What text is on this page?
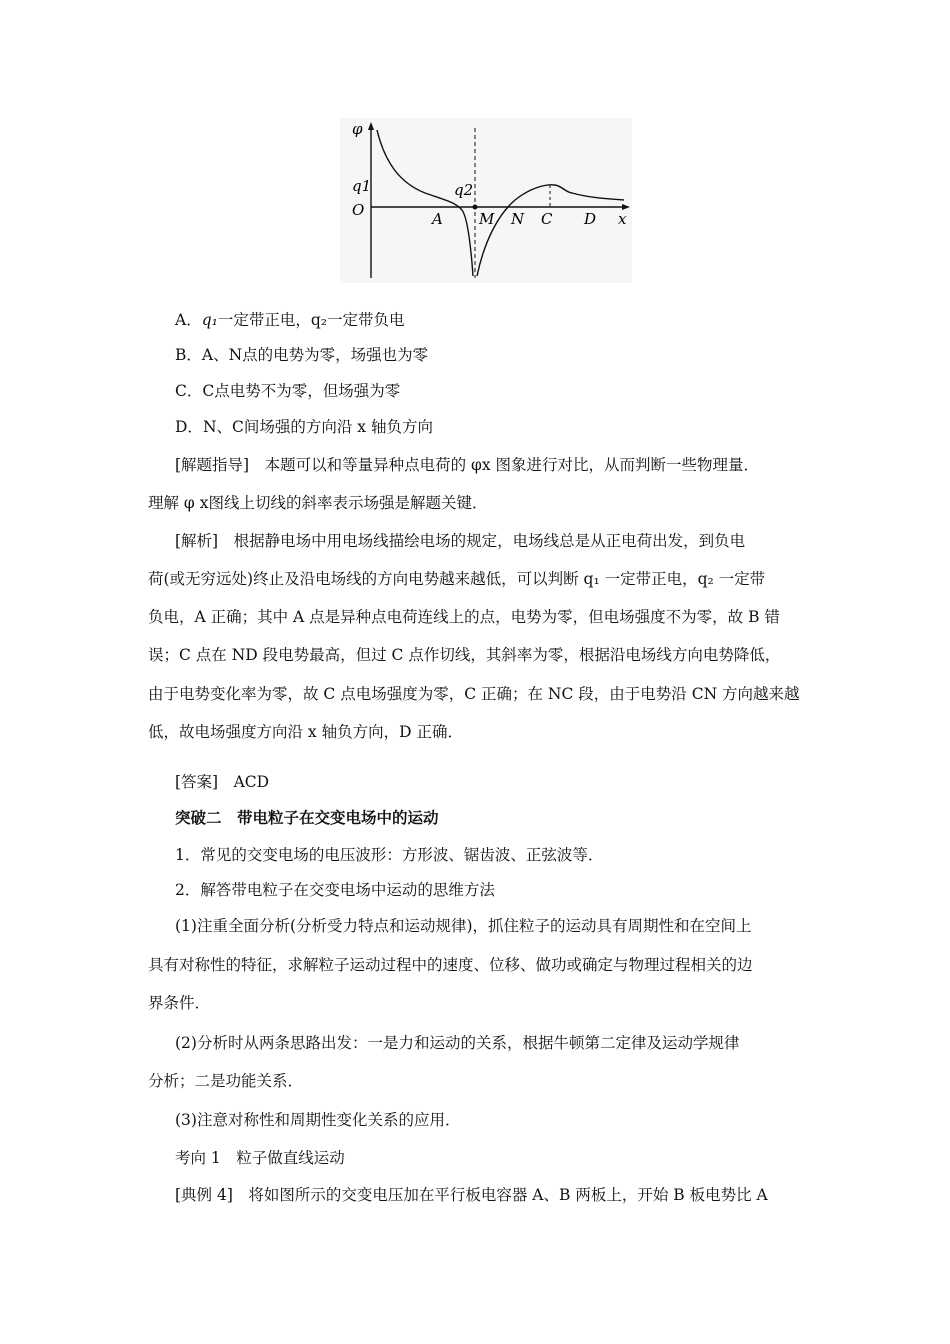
φ
q1
O
q2
A M N C D x
A．q₁一定带正电，q₂一定带负电
B．A、N点的电势为零，场强也为零
C．C点电势不为零，但场强为零
D．N、C间场强的方向沿 x 轴负方向
[解题指导]　本题可以和等量异种点电荷的 φx 图象进行对比，从而判断一些物理量．
理解 φ x图线上切线的斜率表示场强是解题关键．
[解析]　根据静电场中用电场线描绘电场的规定，电场线总是从正电荷出发，到负电
荷(或无穷远处)终止及沿电场线的方向电势越来越低，可以判断 q₁ 一定带正电，q₂ 一定带
负电，A 正确；其中 A 点是异种点电荷连线上的点，电势为零，但电场强度不为零，故 B 错
误；C 点在 ND 段电势最高，但过 C 点作切线，其斜率为零，根据沿电场线方向电势降低，
由于电势变化率为零，故 C 点电场强度为零，C 正确；在 NC 段，由于电势沿 CN 方向越来越
低，故电场强度方向沿 x 轴负方向，D 正确．
[答案]　ACD
突破二　带电粒子在交变电场中的运动
1．常见的交变电场的电压波形：方形波、锯齿波、正弦波等．
2．解答带电粒子在交变电场中运动的思维方法
(1)注重全面分析(分析受力特点和运动规律)，抓住粒子的运动具有周期性和在空间上
具有对称性的特征，求解粒子运动过程中的速度、位移、做功或确定与物理过程相关的边
界条件．
(2)分析时从两条思路出发：一是力和运动的关系，根据牛顿第二定律及运动学规律
分析；二是功能关系．
(3)注意对称性和周期性变化关系的应用．
考向 1　粒子做直线运动
[典例 4]　将如图所示的交变电压加在平行板电容器 A、B 两板上，开始 B 板电势比 A
